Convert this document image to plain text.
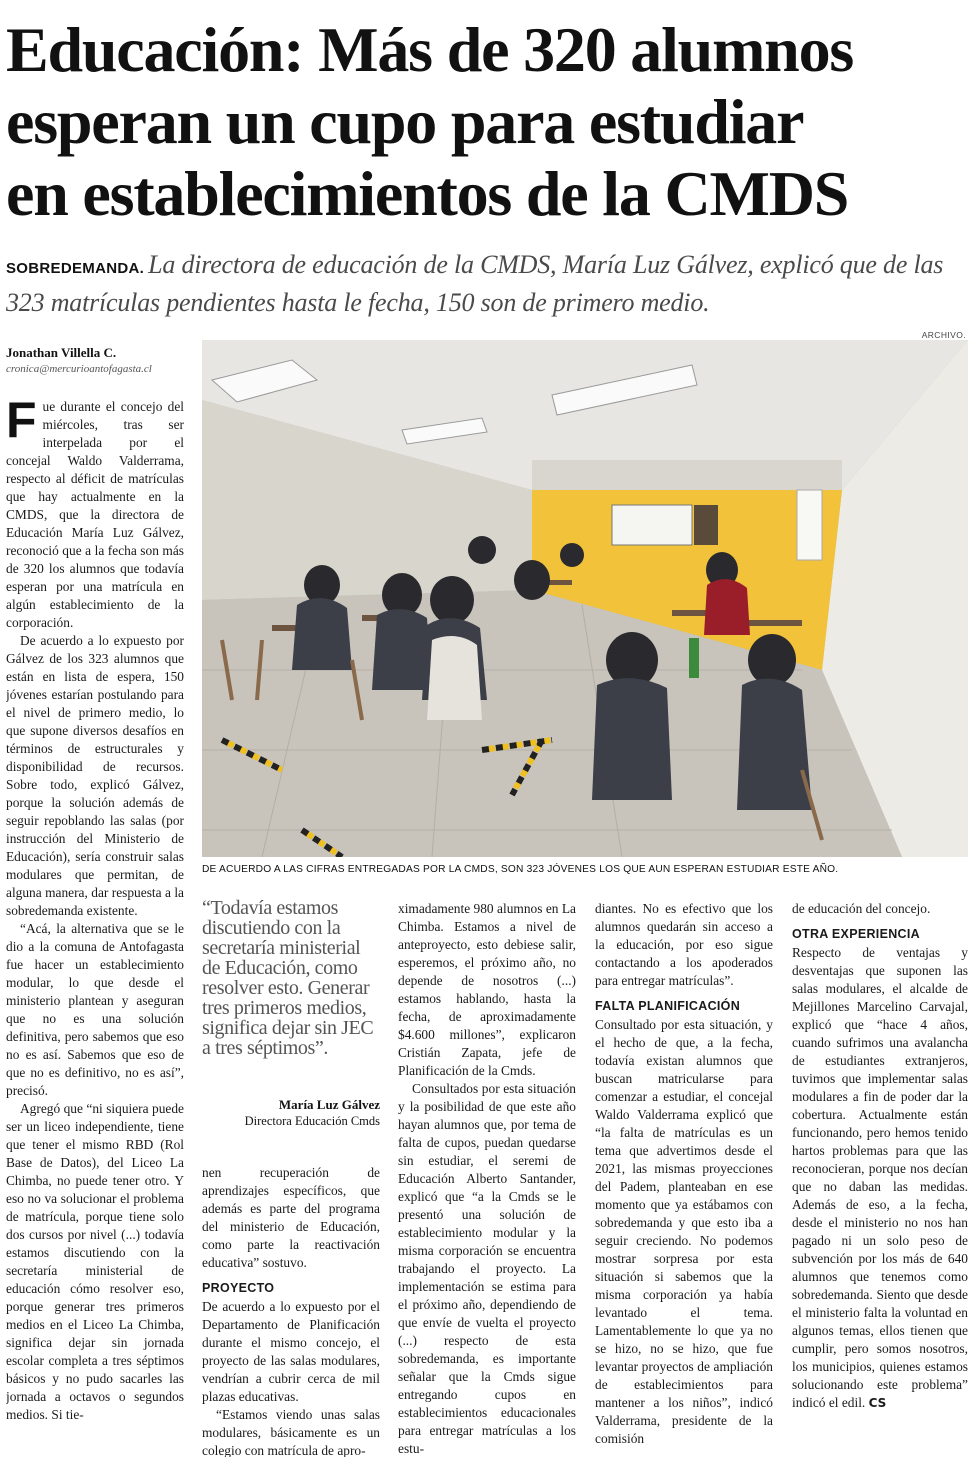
Educación: Más de 320 alumnos
esperan un cupo para estudiar
en establecimientos de la CMDS
SOBREDEMANDA. La directora de educación de la CMDS, María Luz Gálvez, explicó que de las 323 matrículas pendientes hasta le fecha, 150 son de primero medio.
Jonathan Villella C.
cronica@mercurioantofagasta.cl

Fue durante el concejo del miércoles, tras ser interpelada por el concejal Waldo Valderrama, respecto al déficit de matrículas que hay actualmente en la CMDS, que la directora de Educación María Luz Gálvez, reconoció que a la fecha son más de 320 los alumnos que todavía esperan por una matrícula en algún establecimiento de la corporación.

De acuerdo a lo expuesto por Gálvez de los 323 alumnos que están en lista de espera, 150 jóvenes estarían postulando para el nivel de primero medio, lo que supone diversos desafíos en términos de estructurales y disponibilidad de recursos. Sobre todo, explicó Gálvez, porque la solución además de seguir repoblando las salas (por instrucción del Ministerio de Educación), sería construir salas modulares que permitan, de alguna manera, dar respuesta a la sobredemanda existente.

“Acá, la alternativa que se le dio a la comuna de Antofagasta fue hacer un establecimiento modular, lo que desde el ministerio plantean y aseguran que no es una solución definitiva, pero sabemos que eso no es así. Sabemos que eso de que no es definitivo, no es así”, precisó.

Agregó que “ni siquiera puede ser un liceo independiente, tiene que tener el mismo RBD (Rol Base de Datos), del Liceo La Chimba, no puede tener otro. Y eso no va solucionar el problema de matrícula, porque tiene solo dos cursos por nivel (...) todavía estamos discutiendo con la secretaría ministerial de educación cómo resolver eso, porque generar tres primeros medios en el Liceo La Chimba, significa dejar sin jornada escolar completa a tres séptimos básicos y no pudo sacarles las jornada a octavos o segundos medios. Si tie-

ARCHIVO.
DE ACUERDO A LAS CIFRAS ENTREGADAS POR LA CMDS, SON 323 JÓVENES LOS QUE AUN ESPERAN ESTUDIAR ESTE AÑO.
“Todavía estamos discutiendo con la secretaría ministerial de Educación, como resolver esto. Generar tres primeros medios, significa dejar sin JEC a tres séptimos”.
María Luz Gálvez
Directora Educación Cmds

nen recuperación de aprendizajes específicos, que además es parte del programa del ministerio de Educación, como parte la reactivación educativa” sostuvo.

PROYECTO

De acuerdo a lo expuesto por el Departamento de Planificación durante el mismo concejo, el proyecto de las salas modulares, vendrían a cubrir cerca de mil plazas educativas.

“Estamos viendo unas salas modulares, básicamente es un colegio con matrícula de apro-

ximadamente 980 alumnos en La Chimba. Estamos a nivel de anteproyecto, esto debiese salir, esperemos, el próximo año, no depende de nosotros (...) estamos hablando, hasta la fecha, de aproximadamente $4.600 millones”, explicaron Cristián Zapata, jefe de Planificación de la Cmds.

Consultados por esta situación y la posibilidad de que este año hayan alumnos que, por tema de falta de cupos, puedan quedarse sin estudiar, el seremi de Educación Alberto Santander, explicó que “a la Cmds se le presentó una solución de establecimiento modular y la misma corporación se encuentra trabajando el proyecto. La implementación se estima para el próximo año, dependiendo de que envíe de vuelta el proyecto (...) respecto de esta sobredemanda, es importante señalar que la Cmds sigue entregando cupos en establecimientos educacionales para entregar matrículas a los estu-

diantes. No es efectivo que los alumnos quedarán sin acceso a la educación, por eso sigue contactando a los apoderados para entregar matrículas”.

FALTA PLANIFICACIÓN

Consultado por esta situación, y el hecho de que, a la fecha, todavía existan alumnos que buscan matricularse para comenzar a estudiar, el concejal Waldo Valderrama explicó que “la falta de matrículas es un tema que advertimos desde el 2021, las mismas proyecciones del Padem, planteaban en ese momento que ya estábamos con sobredemanda y que esto iba a seguir creciendo. No podemos mostrar sorpresa por esta situación si sabemos que la misma corporación ya había levantado el tema. Lamentablemente lo que ya no se hizo, no se hizo, que fue levantar proyectos de ampliación de establecimientos para mantener a los niños”, indicó Valderrama, presidente de la comisión

de educación del concejo.

OTRA EXPERIENCIA

Respecto de ventajas y desventajas que suponen las salas modulares, el alcalde de Mejillones Marcelino Carvajal, explicó que “hace 4 años, cuando sufrimos una avalancha de estudiantes extranjeros, tuvimos que implementar salas modulares a fin de poder dar la cobertura. Actualmente están funcionando, pero hemos tenido hartos problemas para que las reconocieran, porque nos decían que no daban las medidas. Además de eso, a la fecha, desde el ministerio no nos han pagado ni un solo peso de subvención por los más de 640 alumnos que tenemos como sobredemanda. Siento que desde el ministerio falta la voluntad en algunos temas, ellos tienen que cumplir, pero somos nosotros, los municipios, quienes estamos solucionando este problema” indicó el edil. CS
